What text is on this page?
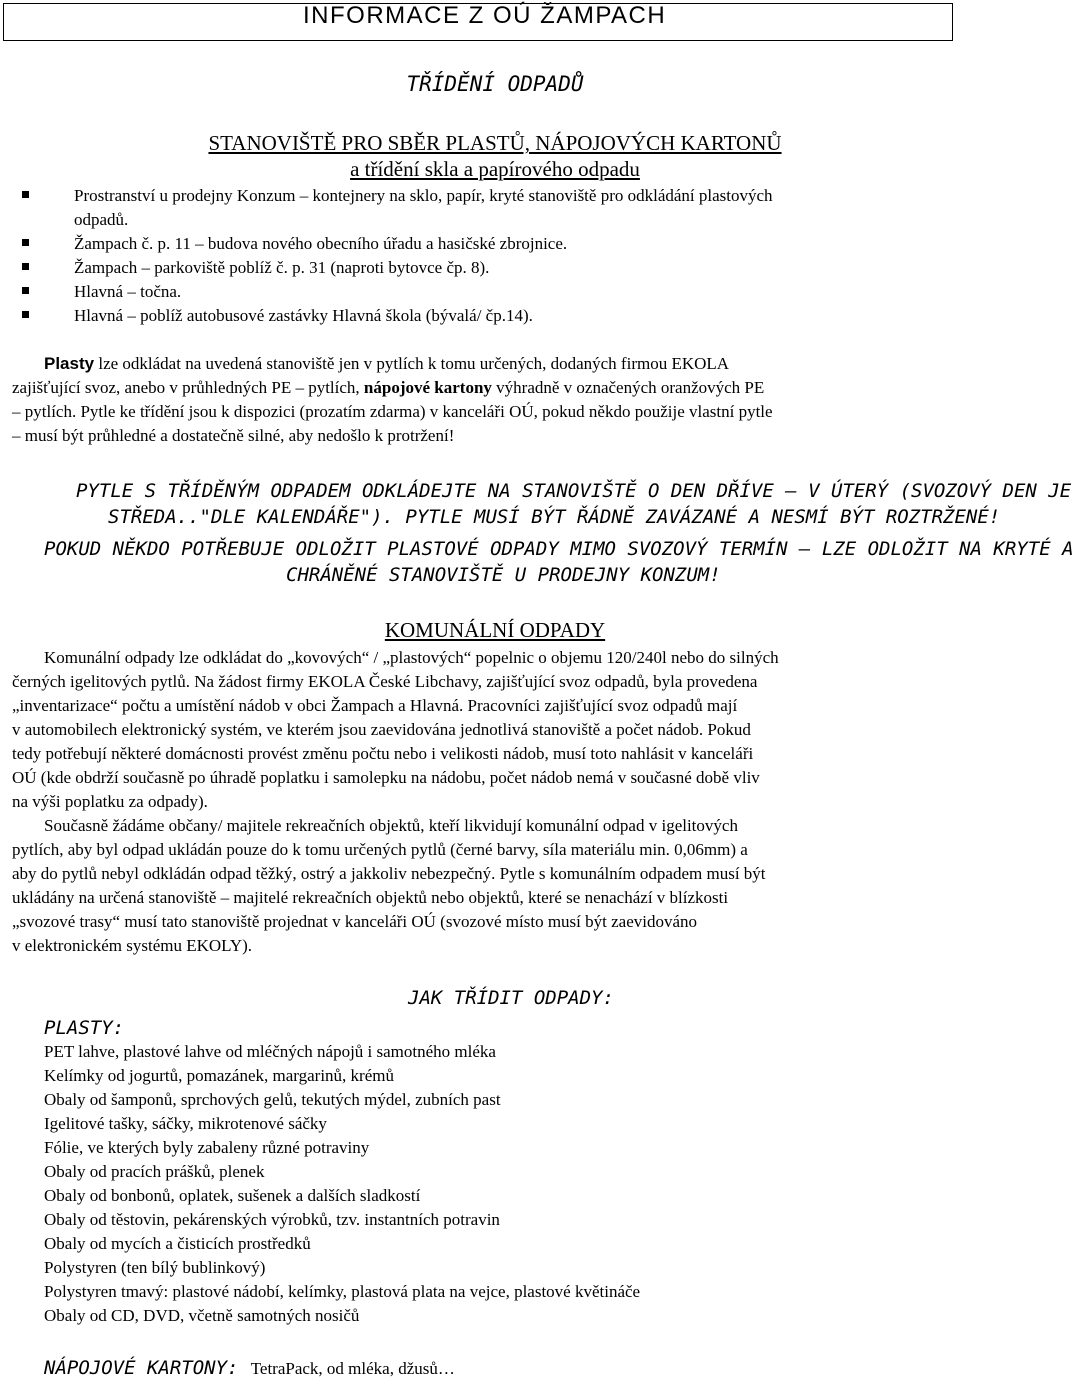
INFORMACE Z OÚ ŽAMPACH
TŘÍDĚNÍ ODPADŮ
STANOVIŠTĚ PRO SBĚR PLASTŮ, NÁPOJOVÝCH KARTONŮ
a třídění skla a papírového odpadu
Prostranství u prodejny Konzum – kontejnery na sklo, papír, kryté stanoviště pro odkládání plastových
odpadů.
Žampach č. p. 11 – budova nového obecního úřadu a hasičské zbrojnice.
Žampach – parkoviště poblíž č. p. 31 (naproti bytovce čp. 8).
Hlavná – točna.
Hlavná – poblíž autobusové zastávky Hlavná škola (bývalá/ čp.14).
Plasty lze odkládat na uvedená stanoviště jen v pytlích k tomu určených, dodaných firmou EKOLA
zajišťující svoz, anebo v průhledných PE – pytlích, nápojové kartony výhradně v označených oranžových PE
– pytlích. Pytle ke třídění jsou k dispozici (prozatím zdarma) v kanceláři OÚ, pokud někdo použije vlastní pytle
– musí být průhledné a dostatečně silné, aby nedošlo k protržení!
PYTLE S TŘÍDĚNÝM ODPADEM ODKLÁDEJTE NA STANOVIŠTĚ O DEN DŘÍVE – V ÚTERÝ (SVOZOVÝ DEN JE
STŘEDA.."DLE KALENDÁŘE"). PYTLE MUSÍ BÝT ŘÁDNĚ ZAVÁZANÉ A NESMÍ BÝT ROZTRŽENÉ!
POKUD NĚKDO POTŘEBUJE ODLOŽIT PLASTOVÉ ODPADY MIMO SVOZOVÝ TERMÍN – LZE ODLOŽIT NA KRYTÉ A
CHRÁNĚNÉ STANOVIŠTĚ U PRODEJNY KONZUM!
KOMUNÁLNÍ ODPADY
Komunální odpady lze odkládat do „kovových“ / „plastových“ popelnic o objemu 120/240l nebo do silných
černých igelitových pytlů. Na žádost firmy EKOLA České Libchavy, zajišťující svoz odpadů, byla provedena
„inventarizace“ počtu a umístění nádob v obci Žampach a Hlavná. Pracovníci zajišťující svoz odpadů mají
v automobilech elektronický systém, ve kterém jsou zaevidována jednotlivá stanoviště a počet nádob. Pokud
tedy potřebují některé domácnosti provést změnu počtu nebo i velikosti nádob, musí toto nahlásit v kanceláři
OÚ (kde obdrží současně po úhradě poplatku i samolepku na nádobu, počet nádob nemá v současné době vliv
na výši poplatku za odpady).
Současně žádáme občany/ majitele rekreačních objektů, kteří likvidují komunální odpad v igelitových
pytlích, aby byl odpad ukládán pouze do k tomu určených pytlů (černé barvy, síla materiálu min. 0,06mm) a
aby do pytlů nebyl odkládán odpad těžký, ostrý a jakkoliv nebezpečný. Pytle s komunálním odpadem musí být
ukládány na určená stanoviště – majitelé rekreačních objektů nebo objektů, které se nenachází v blízkosti
„svozové trasy“ musí tato stanoviště projednat v kanceláři OÚ (svozové místo musí být zaevidováno
v elektronickém systému EKOLY).
JAK TŘÍDIT ODPADY:
PLASTY:
PET lahve, plastové lahve od mléčných nápojů i samotného mléka
Kelímky od jogurtů, pomazánek, margarinů, krémů
Obaly od šamponů, sprchových gelů, tekutých mýdel, zubních past
Igelitové tašky, sáčky, mikrotenové sáčky
Fólie, ve kterých byly zabaleny různé potraviny
Obaly od pracích prášků, plenek
Obaly od bonbonů, oplatek, sušenek a dalších sladkostí
Obaly od těstovin, pekárenských výrobků, tzv. instantních potravin
Obaly od mycích a čisticích prostředků
Polystyren (ten bílý bublinkový)
Polystyren tmavý: plastové nádobí, kelímky, plastová plata na vejce, plastové květináče
Obaly od CD, DVD, včetně samotných nosičů
NÁPOJOVÉ KARTONY: TetraPack, od mléka, džusů…
